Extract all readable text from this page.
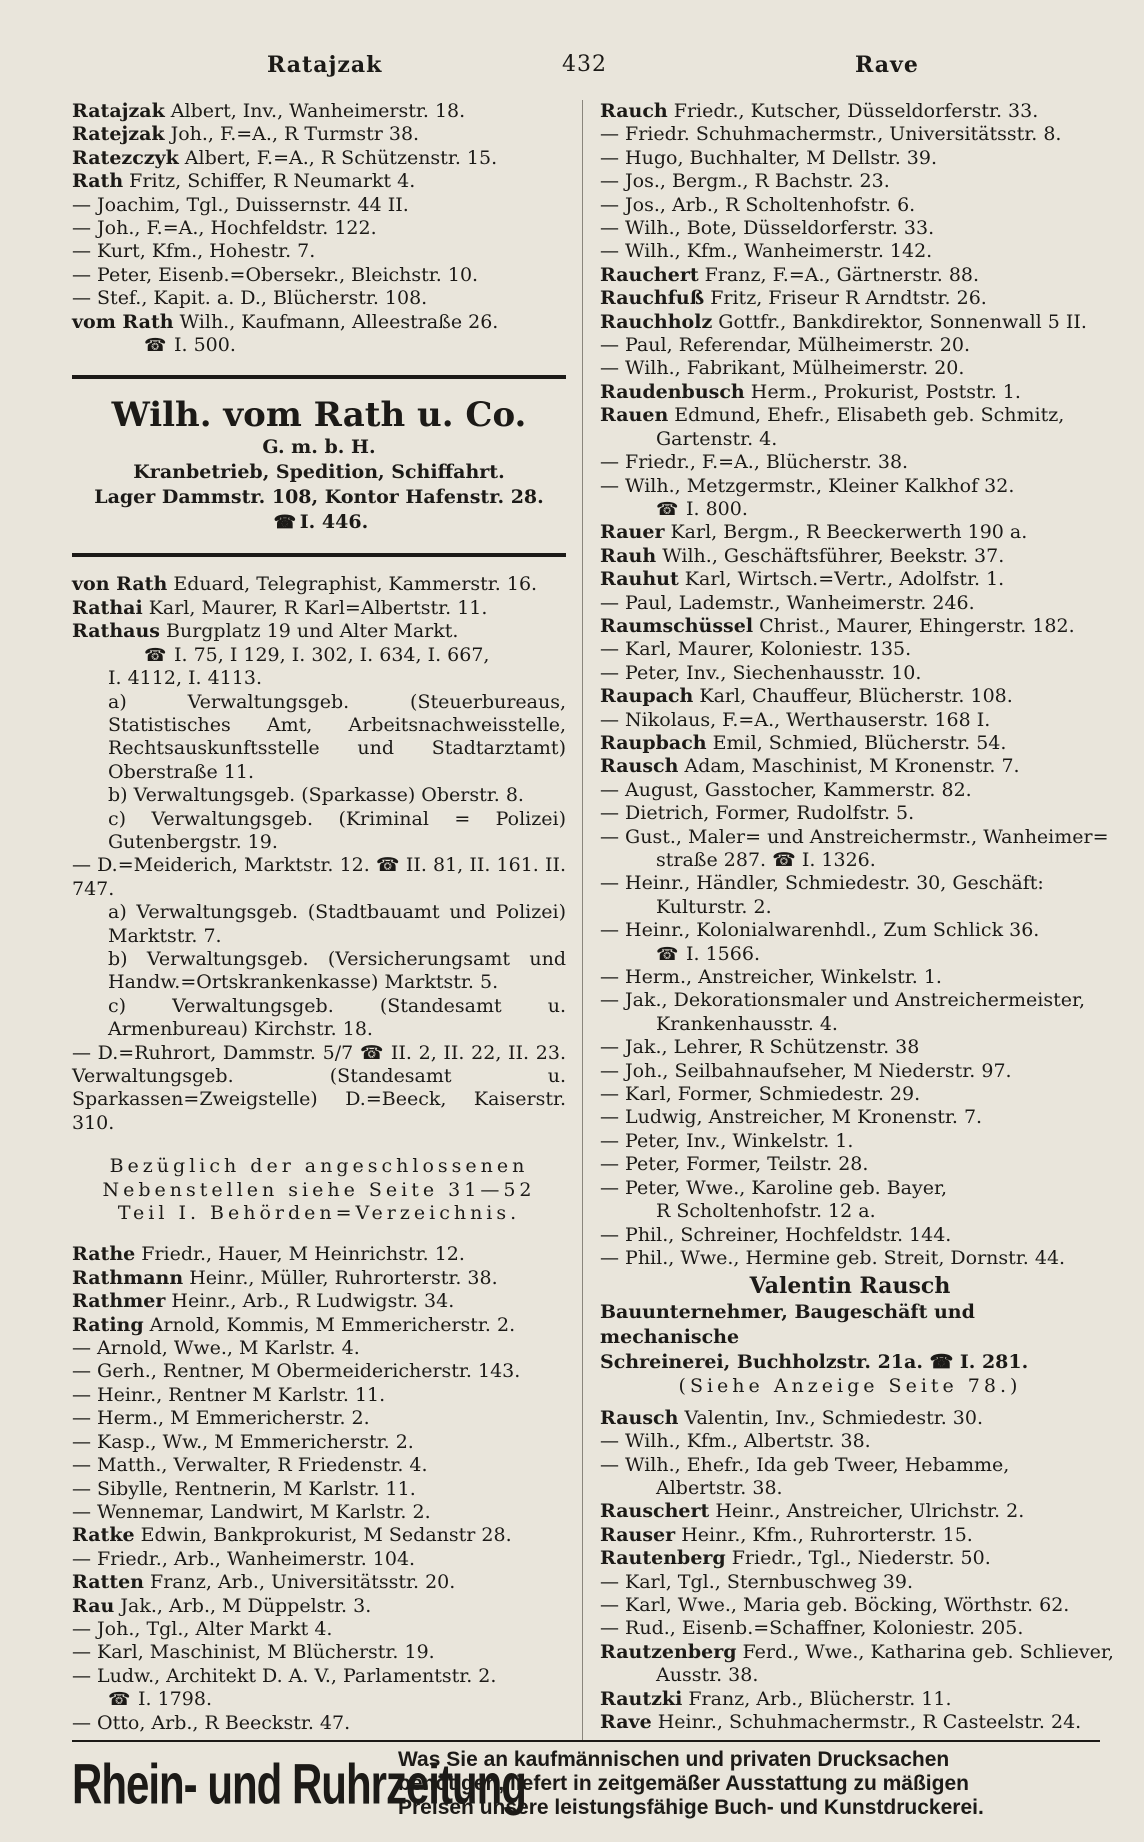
Ratajzak	432	Rave
Ratajzak Albert, Inv., Wanheimerstr. 18.
Ratejzak Joh., F.=A., R Turmstr 38.
Ratezczyk Albert, F.=A., R Schützenstr. 15.
Rath Fritz, Schiffer, R Neumarkt 4.
— Joachim, Tgl., Duissernstr. 44 II.
— Joh., F.=A., Hochfeldstr. 122.
— Kurt, Kfm., Hohestr. 7.
— Peter, Eisenb.=Obersekr., Bleichstr. 10.
— Stef., Kapit. a. D., Blücherstr. 108.
vom Rath Wilh., Kaufmann, Alleestraße 26.
☎ I. 500.
Wilh. vom Rath u. Co.
G. m. b. H.
Kranbetrieb, Spedition, Schiffahrt.
Lager Dammstr. 108, Kontor Hafenstr. 28.
☎ I. 446.
von Rath Eduard, Telegraphist, Kammerstr. 16.
Rathai Karl, Maurer, R Karl=Albertstr. 11.
Rathaus Burgplatz 19 und Alter Markt.
☎ I. 75, I 129, I. 302, I. 634, I. 667,
I. 4112, I. 4113.
a) Verwaltungsgeb. (Steuerbureaus, Statistisches Amt, Arbeitsnachweisstelle, Rechtsauskunftsstelle und Stadtarztamt) Oberstraße 11.
b) Verwaltungsgeb. (Sparkasse) Oberstr. 8.
c) Verwaltungsgeb. (Kriminal = Polizei) Gutenbergstr. 19.
— D.=Meiderich, Marktstr. 12. ☎ II. 81, II. 161. II. 747.
a) Verwaltungsgeb. (Stadtbauamt und Polizei) Marktstr. 7.
b) Verwaltungsgeb. (Versicherungsamt und Handw.=Ortskrankenkasse) Marktstr. 5.
c) Verwaltungsgeb. (Standesamt u. Armenbureau) Kirchstr. 18.
— D.=Ruhrort, Dammstr. 5/7 ☎ II. 2, II. 22, II. 23. Verwaltungsgeb. (Standesamt u. Sparkassen=Zweigstelle) D.=Beeck, Kaiserstr. 310.
Bezüglich der angeschlossenen
Nebenstellen siehe Seite 31—52
Teil I. Behörden=Verzeichnis.
Rathe Friedr., Hauer, M Heinrichstr. 12.
Rathmann Heinr., Müller, Ruhrorterstr. 38.
Rathmer Heinr., Arb., R Ludwigstr. 34.
Rating Arnold, Kommis, M Emmericherstr. 2.
— Arnold, Wwe., M Karlstr. 4.
— Gerh., Rentner, M Obermeidericherstr. 143.
— Heinr., Rentner M Karlstr. 11.
— Herm., M Emmericherstr. 2.
— Kasp., Ww., M Emmericherstr. 2.
— Matth., Verwalter, R Friedenstr. 4.
— Sibylle, Rentnerin, M Karlstr. 11.
— Wennemar, Landwirt, M Karlstr. 2.
Ratke Edwin, Bankprokurist, M Sedanstr 28.
— Friedr., Arb., Wanheimerstr. 104.
Ratten Franz, Arb., Universitätsstr. 20.
Rau Jak., Arb., M Düppelstr. 3.
— Joh., Tgl., Alter Markt 4.
— Karl, Maschinist, M Blücherstr. 19.
— Ludw., Architekt D. A. V., Parlamentstr. 2.
☎ I. 1798.
— Otto, Arb., R Beeckstr. 47.
Rauch Friedr., Kutscher, Düsseldorferstr. 33.
— Friedr. Schuhmachermstr., Universitätsstr. 8.
— Hugo, Buchhalter, M Dellstr. 39.
— Jos., Bergm., R Bachstr. 23.
— Jos., Arb., R Scholtenhofstr. 6.
— Wilh., Bote, Düsseldorferstr. 33.
— Wilh., Kfm., Wanheimerstr. 142.
Rauchert Franz, F.=A., Gärtnerstr. 88.
Rauchfuß Fritz, Friseur R Arndtstr. 26.
Rauchholz Gottfr., Bankdirektor, Sonnenwall 5 II.
— Paul, Referendar, Mülheimerstr. 20.
— Wilh., Fabrikant, Mülheimerstr. 20.
Raudenbusch Herm., Prokurist, Poststr. 1.
Rauen Edmund, Ehefr., Elisabeth geb. Schmitz,
Gartenstr. 4.
— Friedr., F.=A., Blücherstr. 38.
— Wilh., Metzgermstr., Kleiner Kalkhof 32.
☎ I. 800.
Rauer Karl, Bergm., R Beeckerwerth 190 a.
Rauh Wilh., Geschäftsführer, Beekstr. 37.
Rauhut Karl, Wirtsch.=Vertr., Adolfstr. 1.
— Paul, Lademstr., Wanheimerstr. 246.
Raumschüssel Christ., Maurer, Ehingerstr. 182.
— Karl, Maurer, Koloniestr. 135.
— Peter, Inv., Siechenhausstr. 10.
Raupach Karl, Chauffeur, Blücherstr. 108.
— Nikolaus, F.=A., Werthauserstr. 168 I.
Raupbach Emil, Schmied, Blücherstr. 54.
Rausch Adam, Maschinist, M Kronenstr. 7.
— August, Gasstocher, Kammerstr. 82.
— Dietrich, Former, Rudolfstr. 5.
— Gust., Maler= und Anstreichermstr., Wanheimer=
straße 287. ☎ I. 1326.
— Heinr., Händler, Schmiedestr. 30, Geschäft:
Kulturstr. 2.
— Heinr., Kolonialwarenhdl., Zum Schlick 36.
☎ I. 1566.
— Herm., Anstreicher, Winkelstr. 1.
— Jak., Dekorationsmaler und Anstreichermeister,
Krankenhausstr. 4.
— Jak., Lehrer, R Schützenstr. 38
— Joh., Seilbahnaufseher, M Niederstr. 97.
— Karl, Former, Schmiedestr. 29.
— Ludwig, Anstreicher, M Kronenstr. 7.
— Peter, Inv., Winkelstr. 1.
— Peter, Former, Teilstr. 28.
— Peter, Wwe., Karoline geb. Bayer,
R Scholtenhofstr. 12 a.
— Phil., Schreiner, Hochfeldstr. 144.
— Phil., Wwe., Hermine geb. Streit, Dornstr. 44.
Valentin Rausch
Bauunternehmer, Baugeschäft und mechanische
Schreinerei, Buchholzstr. 21a. ☎ I. 281.
(Siehe Anzeige Seite 78.)
Rausch Valentin, Inv., Schmiedestr. 30.
— Wilh., Kfm., Albertstr. 38.
— Wilh., Ehefr., Ida geb Tweer, Hebamme,
Albertstr. 38.
Rauschert Heinr., Anstreicher, Ulrichstr. 2.
Rauser Heinr., Kfm., Ruhrorterstr. 15.
Rautenberg Friedr., Tgl., Niederstr. 50.
— Karl, Tgl., Sternbuschweg 39.
— Karl, Wwe., Maria geb. Böcking, Wörthstr. 62.
— Rud., Eisenb.=Schaffner, Koloniestr. 205.
Rautzenberg Ferd., Wwe., Katharina geb. Schliever,
Ausstr. 38.
Rautzki Franz, Arb., Blücherstr. 11.
Rave Heinr., Schuhmachermstr., R Casteelstr. 24.
Rhein- und Ruhrzeitung
Was Sie an kaufmännischen und privaten Drucksachen
benötigen, liefert in zeitgemäßer Ausstattung zu mäßigen
Preisen unsere leistungsfähige Buch- und Kunstdruckerei.
